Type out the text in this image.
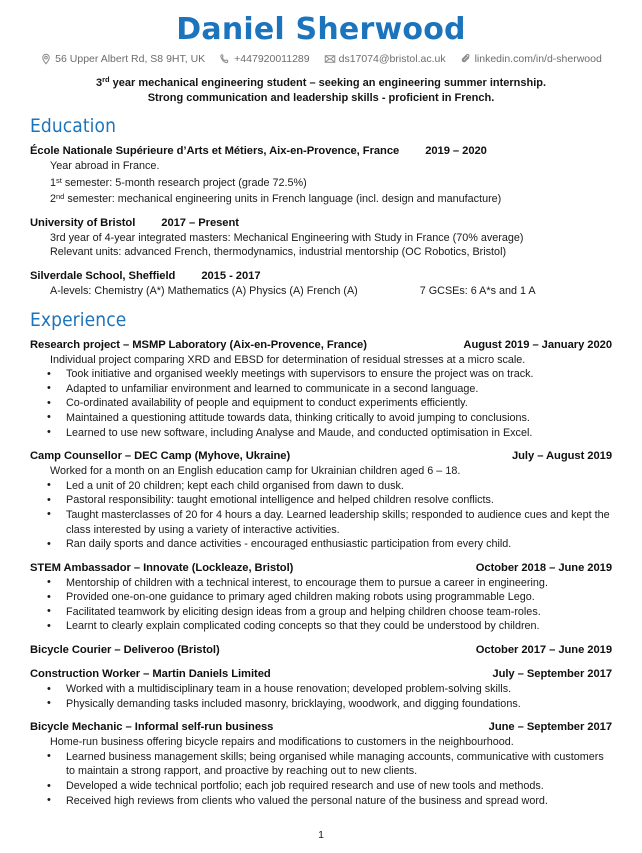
Daniel Sherwood
56 Upper Albert Rd, S8 9HT, UK	+447920011289	ds17074@bristol.ac.uk	linkedin.com/in/d-sherwood
3rd year mechanical engineering student – seeking an engineering summer internship.
Strong communication and leadership skills - proficient in French.
Education
École Nationale Supérieure d’Arts et Métiers, Aix-en-Provence, France 2019 – 2020
Year abroad in France.
1st semester: 5-month research project (grade 72.5%)
2nd semester: mechanical engineering units in French language (incl. design and manufacture)
University of Bristol 2017 – Present
3rd year of 4-year integrated masters: Mechanical Engineering with Study in France (70% average)
Relevant units: advanced French, thermodynamics, industrial mentorship (OC Robotics, Bristol)
Silverdale School, Sheffield 2015 - 2017
A-levels: Chemistry (A*) Mathematics (A) Physics (A) French (A)	7 GCSEs: 6 A*s and 1 A
Experience
Research project – MSMP Laboratory (Aix-en-Provence, France)	August 2019 – January 2020
Individual project comparing XRD and EBSD for determination of residual stresses at a micro scale.
• Took initiative and organised weekly meetings with supervisors to ensure the project was on track.
• Adapted to unfamiliar environment and learned to communicate in a second language.
• Co-ordinated availability of people and equipment to conduct experiments efficiently.
• Maintained a questioning attitude towards data, thinking critically to avoid jumping to conclusions.
• Learned to use new software, including Analyse and Maude, and conducted optimisation in Excel.
Camp Counsellor – DEC Camp (Myhove, Ukraine)	July – August 2019
Worked for a month on an English education camp for Ukrainian children aged 6 – 18.
• Led a unit of 20 children; kept each child organised from dawn to dusk.
• Pastoral responsibility: taught emotional intelligence and helped children resolve conflicts.
• Taught masterclasses of 20 for 4 hours a day. Learned leadership skills; responded to audience cues and kept the class interested by using a variety of interactive activities.
• Ran daily sports and dance activities - encouraged enthusiastic participation from every child.
STEM Ambassador – Innovate (Lockleaze, Bristol)	October 2018 – June 2019
• Mentorship of children with a technical interest, to encourage them to pursue a career in engineering.
• Provided one-on-one guidance to primary aged children making robots using programmable Lego.
• Facilitated teamwork by eliciting design ideas from a group and helping children choose team-roles.
• Learnt to clearly explain complicated coding concepts so that they could be understood by children.
Bicycle Courier – Deliveroo (Bristol)	October 2017 – June 2019
Construction Worker – Martin Daniels Limited	July – September 2017
• Worked with a multidisciplinary team in a house renovation; developed problem-solving skills.
• Physically demanding tasks included masonry, bricklaying, woodwork, and digging foundations.
Bicycle Mechanic – Informal self-run business	June – September 2017
Home-run business offering bicycle repairs and modifications to customers in the neighbourhood.
• Learned business management skills; being organised while managing accounts, communicative with customers to maintain a strong rapport, and proactive by reaching out to new clients.
• Developed a wide technical portfolio; each job required research and use of new tools and methods.
• Received high reviews from clients who valued the personal nature of the business and spread word.
1
